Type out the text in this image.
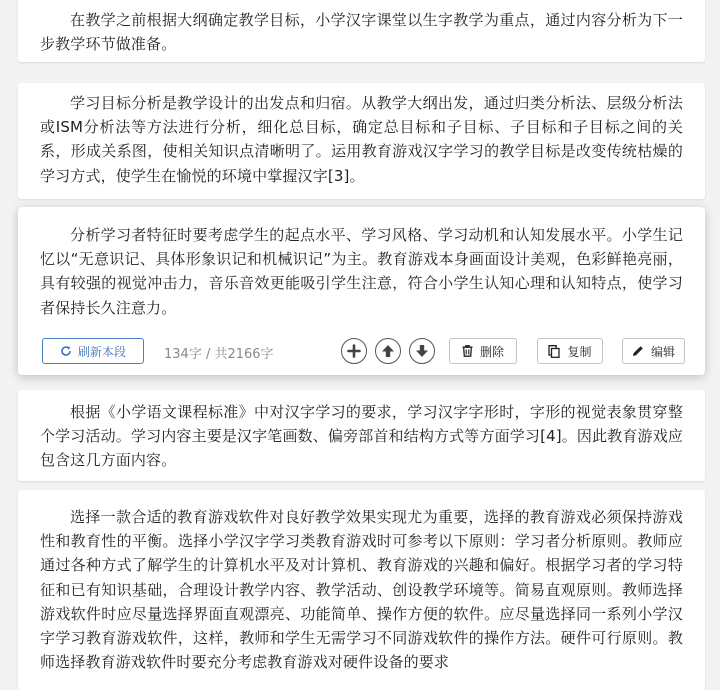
在教学之前根据大纲确定教学目标，小学汉字课堂以生字教学为重点，通过内容分析为下一步教学环节做准备。

学习目标分析是教学设计的出发点和归宿。从教学大纲出发，通过归类分析法、层级分析法或ISM分析法等方法进行分析，细化总目标，确定总目标和子目标、子目标和子目标之间的关系，形成关系图，使相关知识点清晰明了。运用教育游戏汉字学习的教学目标是改变传统枯燥的学习方式，使学生在愉悦的环境中掌握汉字[3]。

分析学习者特征时要考虑学生的起点水平、学习风格、学习动机和认知发展水平。小学生记忆以“无意识记、具体形象识记和机械识记”为主。教育游戏本身画面设计美观，色彩鲜艳亮丽，具有较强的视觉冲击力，音乐音效更能吸引学生注意，符合小学生认知心理和认知特点，使学习者保持长久注意力。

刷新本段	134字 / 共2166字	删除	复制	编辑

根据《小学语文课程标准》中对汉字学习的要求，学习汉字字形时，字形的视觉表象贯穿整个学习活动。学习内容主要是汉字笔画数、偏旁部首和结构方式等方面学习[4]。因此教育游戏应包含这几方面内容。

选择一款合适的教育游戏软件对良好教学效果实现尤为重要，选择的教育游戏必须保持游戏性和教育性的平衡。选择小学汉字学习类教育游戏时可参考以下原则：学习者分析原则。教师应通过各种方式了解学生的计算机水平及对计算机、教育游戏的兴趣和偏好。根据学习者的学习特征和已有知识基础，合理设计教学内容、教学活动、创设教学环境等。简易直观原则。教师选择游戏软件时应尽量选择界面直观漂亮、功能简单、操作方便的软件。应尽量选择同一系列小学汉字学习教育游戏软件，这样，教师和学生无需学习不同游戏软件的操作方法。硬件可行原则。教师选择教育游戏软件时要充分考虑教育游戏对硬件设备的要求
